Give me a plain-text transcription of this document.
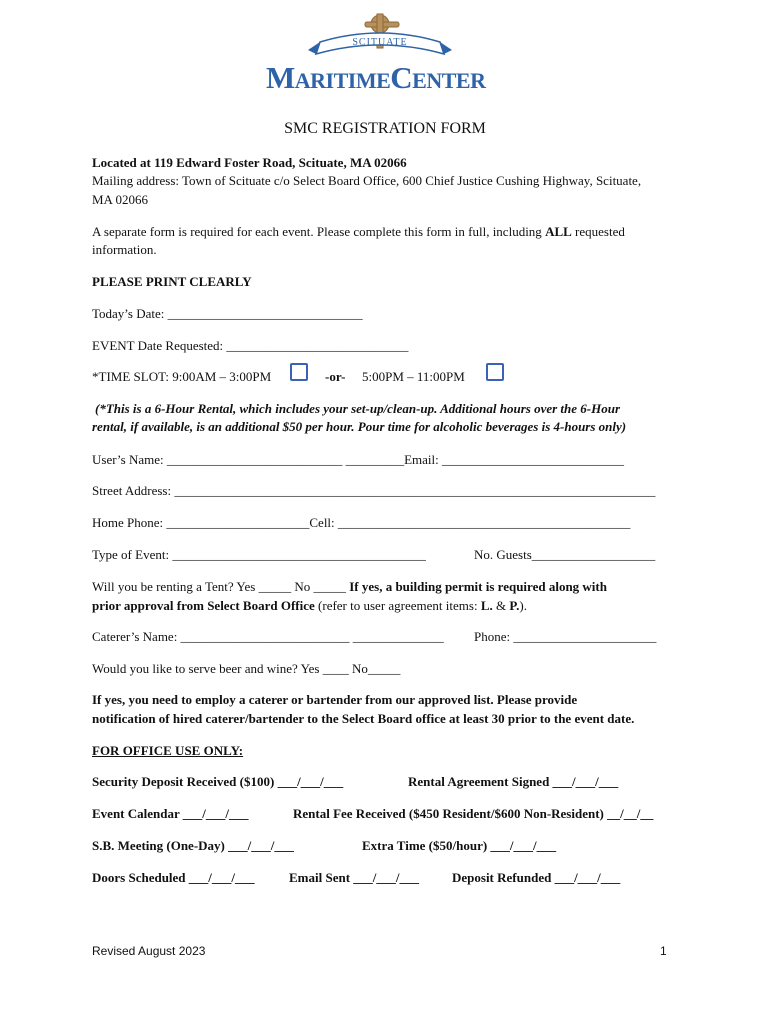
SCITUATE
MARITIMECENTER
SMC REGISTRATION FORM
Located at 119 Edward Foster Road, Scituate, MA 02066
Mailing address: Town of Scituate c/o Select Board Office, 600 Chief Justice Cushing Highway, Scituate,
MA 02066
A separate form is required for each event. Please complete this form in full, including ALL requested
information.
PLEASE PRINT CLEARLY
Today’s Date: ______________________________
EVENT Date Requested: ____________________________
*TIME SLOT: 9:00AM – 3:00PM	-or- 5:00PM – 11:00PM
(*This is a 6-Hour Rental, which includes your set-up/clean-up. Additional hours over the 6-Hour
rental, if available, is an additional $50 per hour. Pour time for alcoholic beverages is 4-hours only)
User’s Name: ___________________________ _________Email: ____________________________
Street Address: __________________________________________________________________________
Home Phone: ______________________Cell: _____________________________________________
Type of Event: _______________________________________	No. Guests___________________
Will you be renting a Tent? Yes _____ No _____ If yes, a building permit is required along with
prior approval from Select Board Office (refer to user agreement items: L. & P.).
Caterer’s Name: __________________________ ______________ Phone: ______________________
Would you like to serve beer and wine? Yes ____ No_____
If yes, you need to employ a caterer or bartender from our approved list. Please provide
notification of hired caterer/bartender to the Select Board office at least 30 prior to the event date.
FOR OFFICE USE ONLY:
Security Deposit Received ($100) ___/___/___	Rental Agreement Signed ___/___/___
Event Calendar ___/___/___	Rental Fee Received ($450 Resident/$600 Non-Resident) __/__/__
S.B. Meeting (One-Day) ___/___/___	Extra Time ($50/hour) ___/___/___
Doors Scheduled ___/___/___	Email Sent ___/___/___	Deposit Refunded ___/___/___
Revised August 2023	1
